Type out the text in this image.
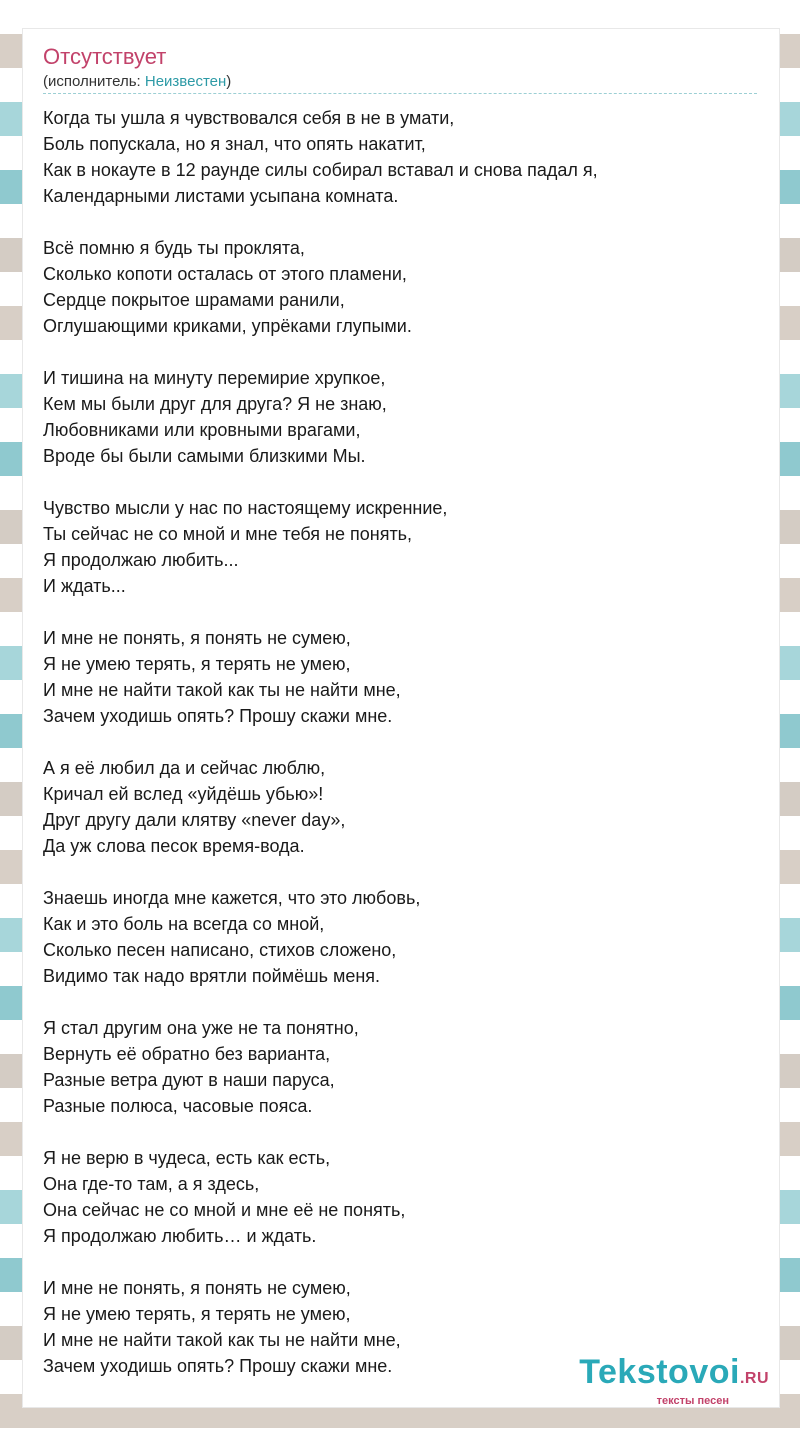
Отсутствует
(исполнитель: Неизвестен)
Когда ты ушла я чувствовался себя в не в умати,
Боль попускала, но я знал, что опять накатит,
Как в нокауте в 12 раунде силы собирал вставал и снова падал я,
Календарными листами усыпана комната.
Всё помню я будь ты проклята,
Сколько копоти осталась от этого пламени,
Сердце покрытое шрамами ранили,
Оглушающими криками, упрёками глупыми.
И тишина на минуту перемирие хрупкое,
Кем мы были друг для друга? Я не знаю,
Любовниками или кровными врагами,
Вроде бы были самыми близкими Мы.
Чувство мысли у нас по настоящему искренние,
Ты сейчас не со мной и мне тебя не понять,
Я продолжаю любить...
И ждать...
И мне не понять, я понять не сумею,
Я не умею терять, я терять не умею,
И мне не найти такой как ты не найти мне,
Зачем уходишь опять? Прошу скажи мне.
А я её любил да и сейчас люблю,
Кричал ей вслед «уйдёшь убью»!
Друг другу дали клятву «never day»,
Да уж слова песок время-вода.
Знаешь иногда мне кажется, что это любовь,
Как и это боль на всегда со мной,
Сколько песен написано, стихов сложено,
Видимо так надо врятли поймёшь меня.
Я стал другим она уже не та понятно,
Вернуть её обратно без варианта,
Разные ветра дуют в наши паруса,
Разные полюса, часовые пояса.
Я не верю в чудеса, есть как есть,
Она где-то там, а я здесь,
Она сейчас не со мной и мне её не понять,
Я продолжаю любить… и ждать.
И мне не понять, я понять не сумею,
Я не умею терять, я терять не умею,
И мне не найти такой как ты не найти мне,
Зачем уходишь опять? Прошу скажи мне.	Tekstovoi.RU
тексты песен
